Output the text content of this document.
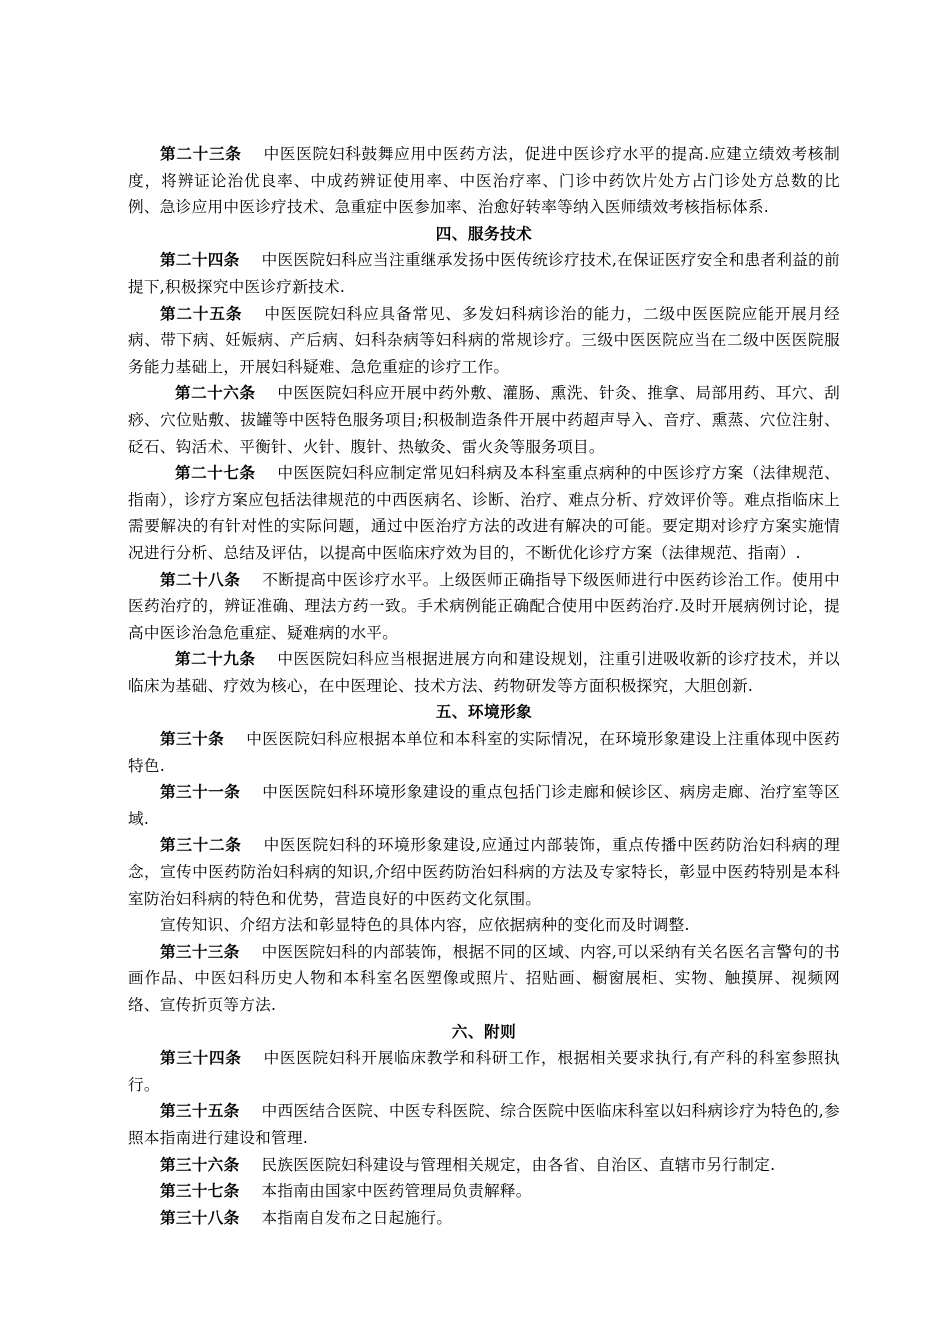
第二十三条 中医医院妇科鼓舞应用中医药方法，促进中医诊疗水平的提高.应建立绩效考核制度，将辨证论治优良率、中成药辨证使用率、中医治疗率、门诊中药饮片处方占门诊处方总数的比例、急诊应用中医诊疗技术、急重症中医参加率、治愈好转率等纳入医师绩效考核指标体系.

四、服务技术

第二十四条 中医医院妇科应当注重继承发扬中医传统诊疗技术,在保证医疗安全和患者利益的前提下,积极探究中医诊疗新技术.

第二十五条 中医医院妇科应具备常见、多发妇科病诊治的能力，二级中医医院应能开展月经病、带下病、妊娠病、产后病、妇科杂病等妇科病的常规诊疗。三级中医医院应当在二级中医医院服务能力基础上，开展妇科疑难、急危重症的诊疗工作。

第二十六条 中医医院妇科应开展中药外敷、灌肠、熏洗、针灸、推拿、局部用药、耳穴、刮痧、穴位贴敷、拔罐等中医特色服务项目;积极制造条件开展中药超声导入、音疗、熏蒸、穴位注射、砭石、钩活术、平衡针、火针、腹针、热敏灸、雷火灸等服务项目。

第二十七条 中医医院妇科应制定常见妇科病及本科室重点病种的中医诊疗方案（法律规范、指南），诊疗方案应包括法律规范的中西医病名、诊断、治疗、难点分析、疗效评价等。难点指临床上需要解决的有针对性的实际问题，通过中医治疗方法的改进有解决的可能。要定期对诊疗方案实施情况进行分析、总结及评估，以提高中医临床疗效为目的，不断优化诊疗方案（法律规范、指南）.

第二十八条 不断提高中医诊疗水平。上级医师正确指导下级医师进行中医药诊治工作。使用中医药治疗的，辨证准确、理法方药一致。手术病例能正确配合使用中医药治疗.及时开展病例讨论，提高中医诊治急危重症、疑难病的水平。

第二十九条 中医医院妇科应当根据进展方向和建设规划，注重引进吸收新的诊疗技术，并以临床为基础、疗效为核心，在中医理论、技术方法、药物研发等方面积极探究，大胆创新.

五、环境形象

第三十条 中医医院妇科应根据本单位和本科室的实际情况，在环境形象建设上注重体现中医药特色.

第三十一条 中医医院妇科环境形象建设的重点包括门诊走廊和候诊区、病房走廊、治疗室等区域.

第三十二条 中医医院妇科的环境形象建设,应通过内部装饰，重点传播中医药防治妇科病的理念，宣传中医药防治妇科病的知识,介绍中医药防治妇科病的方法及专家特长，彰显中医药特别是本科室防治妇科病的特色和优势，营造良好的中医药文化氛围。

宣传知识、介绍方法和彰显特色的具体内容，应依据病种的变化而及时调整.

第三十三条 中医医院妇科的内部装饰，根据不同的区域、内容,可以采纳有关名医名言警句的书画作品、中医妇科历史人物和本科室名医塑像或照片、招贴画、橱窗展柜、实物、触摸屏、视频网络、宣传折页等方法.

六、附则

第三十四条 中医医院妇科开展临床教学和科研工作，根据相关要求执行,有产科的科室参照执行。

第三十五条 中西医结合医院、中医专科医院、综合医院中医临床科室以妇科病诊疗为特色的,参照本指南进行建设和管理.

第三十六条 民族医医院妇科建设与管理相关规定，由各省、自治区、直辖市另行制定.

第三十七条 本指南由国家中医药管理局负责解释。

第三十八条 本指南自发布之日起施行。
